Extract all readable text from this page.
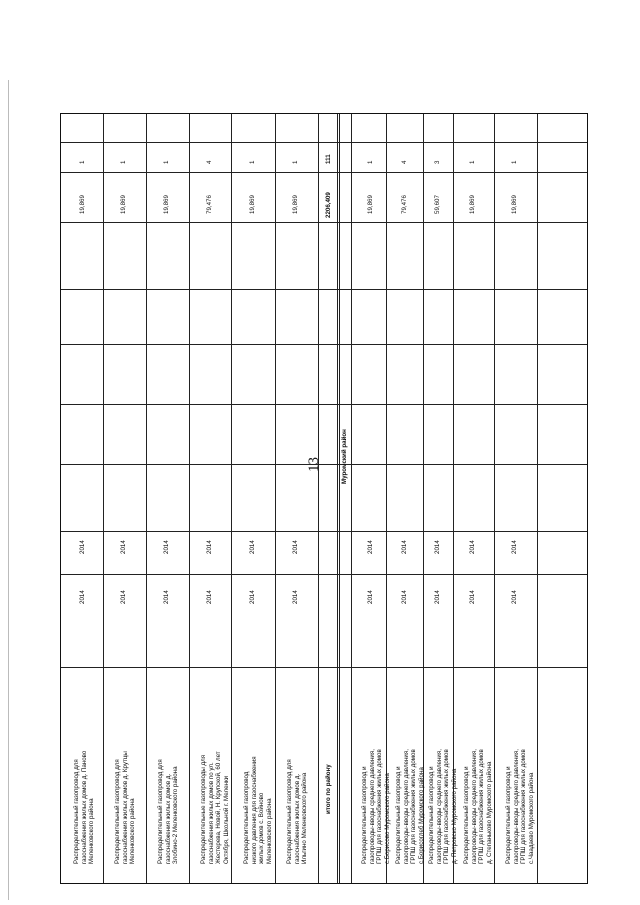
13
Распределительный газопровод для газоснабжения жилых домов д. Паново Меленковского района
2014
2014
19,869
1
Распределительный газопровод для газоснабжения жилых домов д. Крутцы Меленковского района
2014
2014
19,869
1
Распределительный газопровод для газоснабжения жилых домов д. Злобино-2 Меленковского района
2014
2014
19,869
1
Распределительные газопроводы для газоснабжения жилых домов по ул. Жестерева, Новой, Н. Крупской, 60 лет Октября, Школьной г. Меленки
2014
2014
79,476
4
Распределительный газопровод низкого давления для газоснабжения жилых домов с. Войново Меленковского района
2014
2014
19,869
1
Распределительный газопровод для газоснабжения жилых домов д. Ильгино Меленковского района
2014
2014
19,869
1
итого по району
2206,409
111
Муромский район
Распределительный газопровод и газопроводы-вводы среднего давления, ГРПШ для газоснабжения жилых домов с.Борисово Муромского района
2014
2014
19,869
1
Распределительный газопровод и газопроводы-вводы среднего давления, ГРПШ для газоснабжения жилых домов с.Борисоглеб Муромского района
2014
2014
79,476
4
Распределительный газопровод и газопроводы-вводы среднего давления, ГРПШ для газоснабжения жилых домов д. Петровско Муромского района
2014
2014
59,607
3
Распределительный газопровод и газопроводы-вводы среднего давления, ГРПШ для газоснабжения жилых домов д. Степаньково Муромского района
2014
2014
19,869
1
Распределительный газопровод и газопроводы-вводы среднего давления, ГРПШ для газоснабжения жилых домов с.Чаадаево Муромского района
2014
2014
19,869
1
